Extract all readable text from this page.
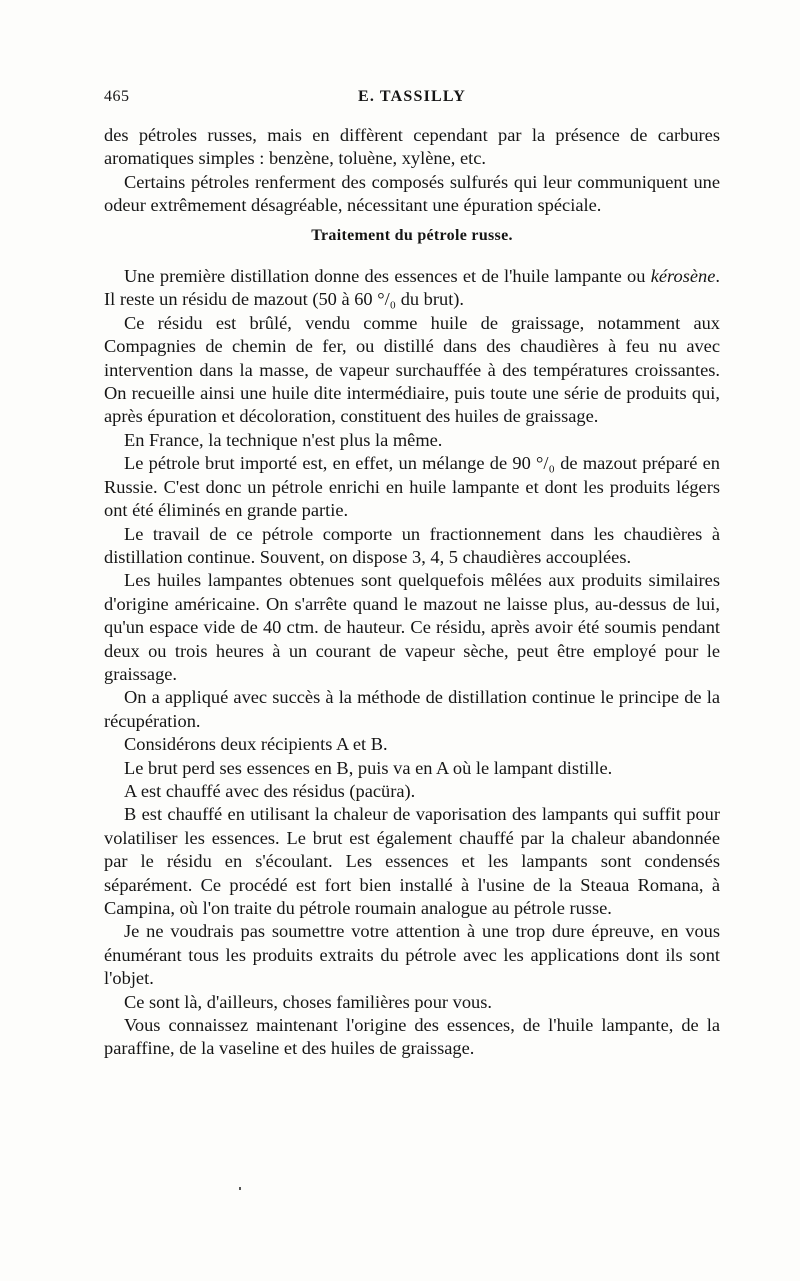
465	E. TASSILLY

des pétroles russes, mais en diffèrent cependant par la présence de carbures aromatiques simples : benzène, toluène, xylène, etc.

Certains pétroles renferment des composés sulfurés qui leur communiquent une odeur extrêmement désagréable, nécessitant une épuration spéciale.

Traitement du pétrole russe.

Une première distillation donne des essences et de l'huile lampante ou kérosène. Il reste un résidu de mazout (50 à 60 °/₀ du brut).

Ce résidu est brûlé, vendu comme huile de graissage, notamment aux Compagnies de chemin de fer, ou distillé dans des chaudières à feu nu avec intervention dans la masse, de vapeur surchauffée à des températures croissantes. On recueille ainsi une huile dite intermédiaire, puis toute une série de produits qui, après épuration et décoloration, constituent des huiles de graissage.

En France, la technique n'est plus la même.

Le pétrole brut importé est, en effet, un mélange de 90 °/₀ de mazout préparé en Russie. C'est donc un pétrole enrichi en huile lampante et dont les produits légers ont été éliminés en grande partie.

Le travail de ce pétrole comporte un fractionnement dans les chaudières à distillation continue. Souvent, on dispose 3, 4, 5 chaudières accouplées.

Les huiles lampantes obtenues sont quelquefois mêlées aux produits similaires d'origine américaine. On s'arrête quand le mazout ne laisse plus, au-dessus de lui, qu'un espace vide de 40 ctm. de hauteur. Ce résidu, après avoir été soumis pendant deux ou trois heures à un courant de vapeur sèche, peut être employé pour le graissage.

On a appliqué avec succès à la méthode de distillation continue le principe de la récupération.

Considérons deux récipients A et B.

Le brut perd ses essences en B, puis va en A où le lampant distille.

A est chauffé avec des résidus (pacüra).

B est chauffé en utilisant la chaleur de vaporisation des lampants qui suffit pour volatiliser les essences. Le brut est également chauffé par la chaleur abandonnée par le résidu en s'écoulant. Les essences et les lampants sont condensés séparément. Ce procédé est fort bien installé à l'usine de la Steaua Romana, à Campina, où l'on traite du pétrole roumain analogue au pétrole russe.

Je ne voudrais pas soumettre votre attention à une trop dure épreuve, en vous énumérant tous les produits extraits du pétrole avec les applications dont ils sont l'objet.

Ce sont là, d'ailleurs, choses familières pour vous.

Vous connaissez maintenant l'origine des essences, de l'huile lampante, de la paraffine, de la vaseline et des huiles de graissage.
